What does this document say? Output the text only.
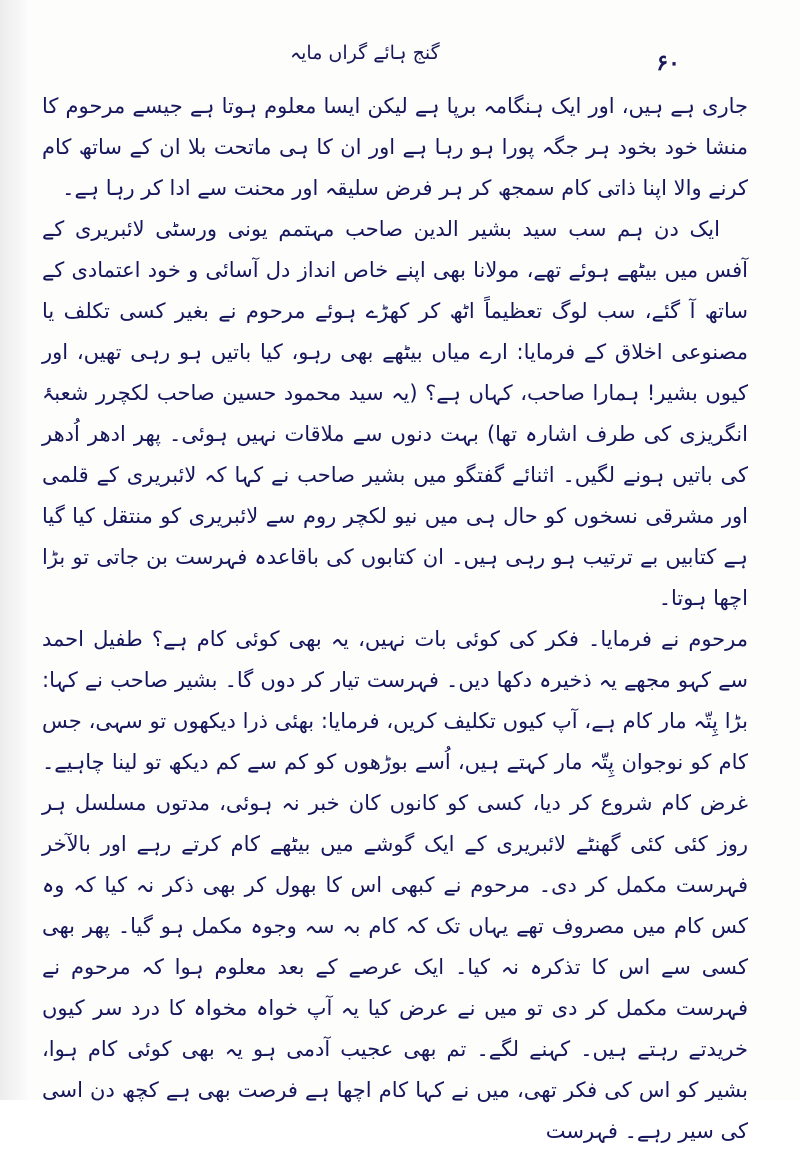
گنج ہائے گراں مایہ	۶۰

جاری ہے ہیں، اور ایک ہنگامہ برپا ہے لیکن ایسا معلوم ہوتا ہے جیسے مرحوم کا منشا خود بخود ہر جگہ پورا ہو رہا ہے اور ان کا ہی ماتحت بلا ان کے ساتھ کام کرنے والا اپنا ذاتی کام سمجھ کر ہر فرض سلیقہ اور محنت سے ادا کر رہا ہے۔

ایک دن ہم سب سید بشیر الدین صاحب مہتمم یونی ورسٹی لائبریری کے آفس میں بیٹھے ہوئے تھے، مولانا بھی اپنے خاص انداز دل آسائی و خود اعتمادی کے ساتھ آ گئے، سب لوگ تعظیماً اٹھ کر کھڑے ہوئے مرحوم نے بغیر کسی تکلف یا مصنوعی اخلاق کے فرمایا: ارے میاں بیٹھے بھی رہو، کیا باتیں ہو رہی تھیں، اور کیوں بشیر! ہمارا صاحب، کہاں ہے؟ (یہ سید محمود حسین صاحب لکچرر شعبۂ انگریزی کی طرف اشارہ تھا) بہت دنوں سے ملاقات نہیں ہوئی۔ پھر ادھر اُدھر کی باتیں ہونے لگیں۔ اثنائے گفتگو میں بشیر صاحب نے کہا کہ لائبریری کے قلمی اور مشرقی نسخوں کو حال ہی میں نیو لکچر روم سے لائبریری کو منتقل کیا گیا ہے کتابیں بے ترتیب ہو رہی ہیں۔ ان کتابوں کی باقاعدہ فہرست بن جاتی تو بڑا اچھا ہوتا۔

مرحوم نے فرمایا۔ فکر کی کوئی بات نہیں، یہ بھی کوئی کام ہے؟ طفیل احمد سے کہو مجھے یہ ذخیرہ دکھا دیں۔ فہرست تیار کر دوں گا۔ بشیر صاحب نے کہا: بڑا پِتّہ مار کام ہے، آپ کیوں تکلیف کریں، فرمایا: بھئی ذرا دیکھوں تو سہی، جس کام کو نوجوان پِتّہ مار کہتے ہیں، اُسے بوڑھوں کو کم سے کم دیکھ تو لینا چاہیے۔ غرض کام شروع کر دیا، کسی کو کانوں کان خبر نہ ہوئی، مدتوں مسلسل ہر روز کئی کئی گھنٹے لائبریری کے ایک گوشے میں بیٹھے کام کرتے رہے اور بالآخر فہرست مکمل کر دی۔ مرحوم نے کبھی اس کا بھول کر بھی ذکر نہ کیا کہ وہ کس کام میں مصروف تھے یہاں تک کہ کام بہ سہ وجوہ مکمل ہو گیا۔ پھر بھی کسی سے اس کا تذکرہ نہ کیا۔ ایک عرصے کے بعد معلوم ہوا کہ مرحوم نے فہرست مکمل کر دی تو میں نے عرض کیا یہ آپ خواہ مخواہ کا درد سر کیوں خریدتے رہتے ہیں۔ کہنے لگے۔ تم بھی عجیب آدمی ہو یہ بھی کوئی کام ہوا، بشیر کو اس کی فکر تھی، میں نے کہا کام اچھا ہے فرصت بھی ہے کچھ دن اسی کی سیر رہے۔ فہرست
